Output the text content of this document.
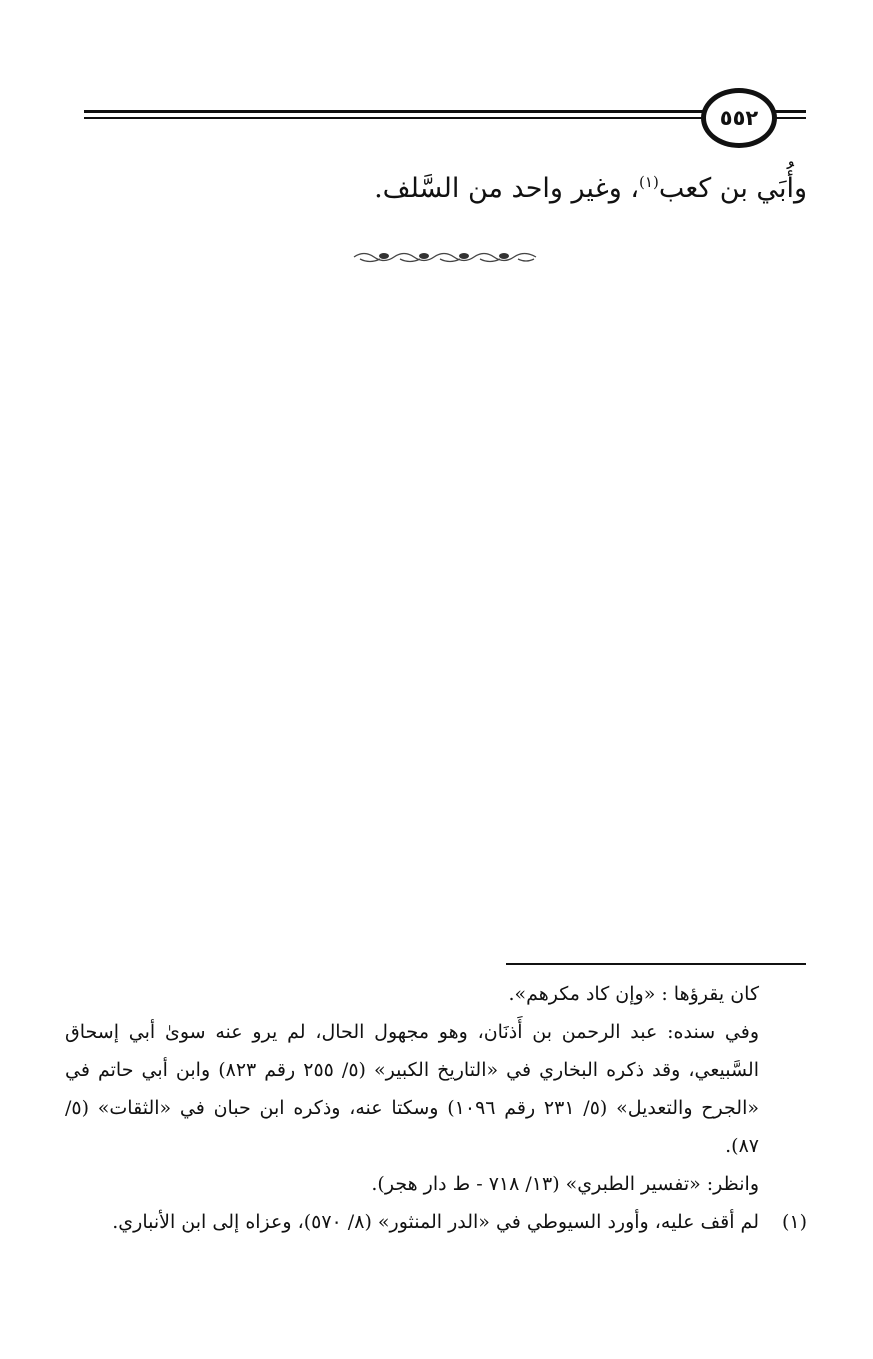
٥٥٢
وأُبَي بن كعب$^{(١)}$، وغير واحد من السَّلف.

كان يقرؤها : «وإن كاد مكرهم».

وفي سنده: عبد الرحمن بن أَذنَان، وهو مجهول الحال، لم يرو عنه سوىٰ أبي إسحاق السَّبيعي، وقد ذكره البخاري في «التاريخ الكبير» (٥/ ٢٥٥ رقم ٨٢٣) وابن أبي حاتم في «الجرح والتعديل» (٥/ ٢٣١ رقم ١٠٩٦) وسكتا عنه، وذكره ابن حبان في «الثقات» (٥/ ٨٧).

وانظر: «تفسير الطبري» (١٣/ ٧١٨ - ط دار هجر).

(١)
لم أقف عليه، وأورد السيوطي في «الدر المنثور» (٨/ ٥٧٠)، وعزاه إلى ابن الأنباري.
